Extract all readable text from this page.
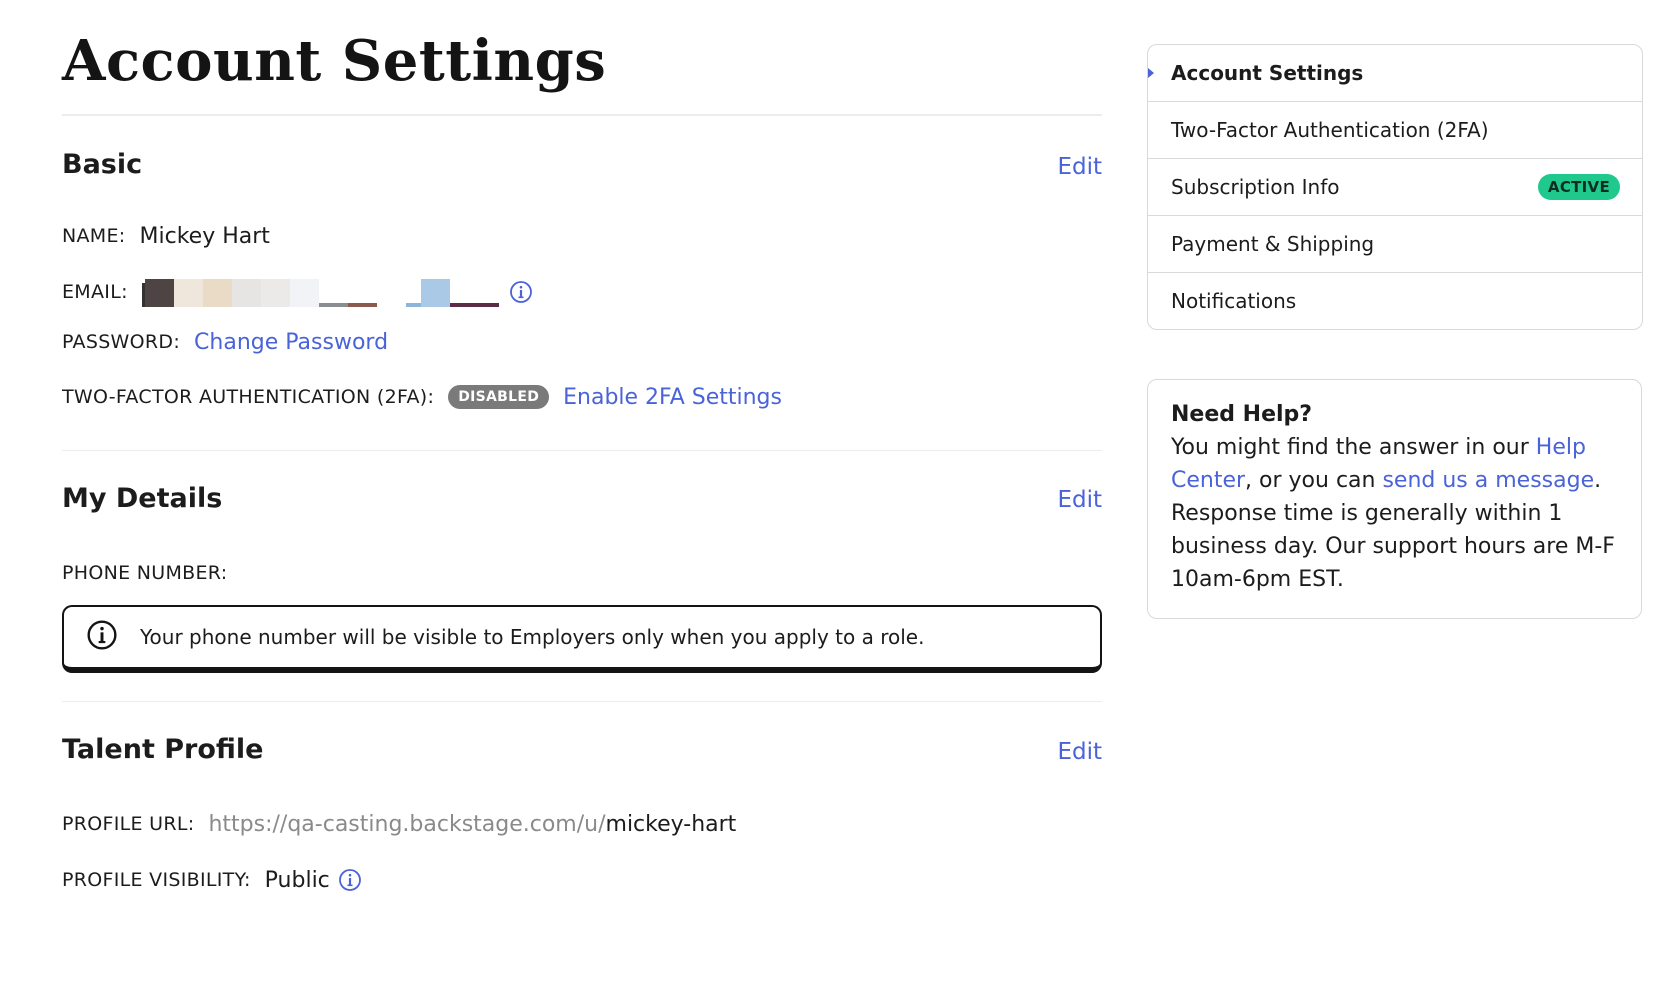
Account Settings
Basic	Edit
NAME: Mickey Hart
EMAIL:
PASSWORD: Change Password
TWO-FACTOR AUTHENTICATION (2FA):	DISABLED	Enable 2FA Settings
My Details	Edit
PHONE NUMBER:
Your phone number will be visible to Employers only when you apply to a role.
Talent Profile	Edit
PROFILE URL: https://qa-casting.backstage.com/u/ mickey-hart
PROFILE VISIBILITY: Public
Account Settings
Two-Factor Authentication (2FA)
Subscription Info	ACTIVE
Payment & Shipping
Notifications
Need Help?

You might find the answer in our Help Center, or you can send us a message. Response time is generally within 1 business day. Our support hours are M-F 10am-6pm EST.
